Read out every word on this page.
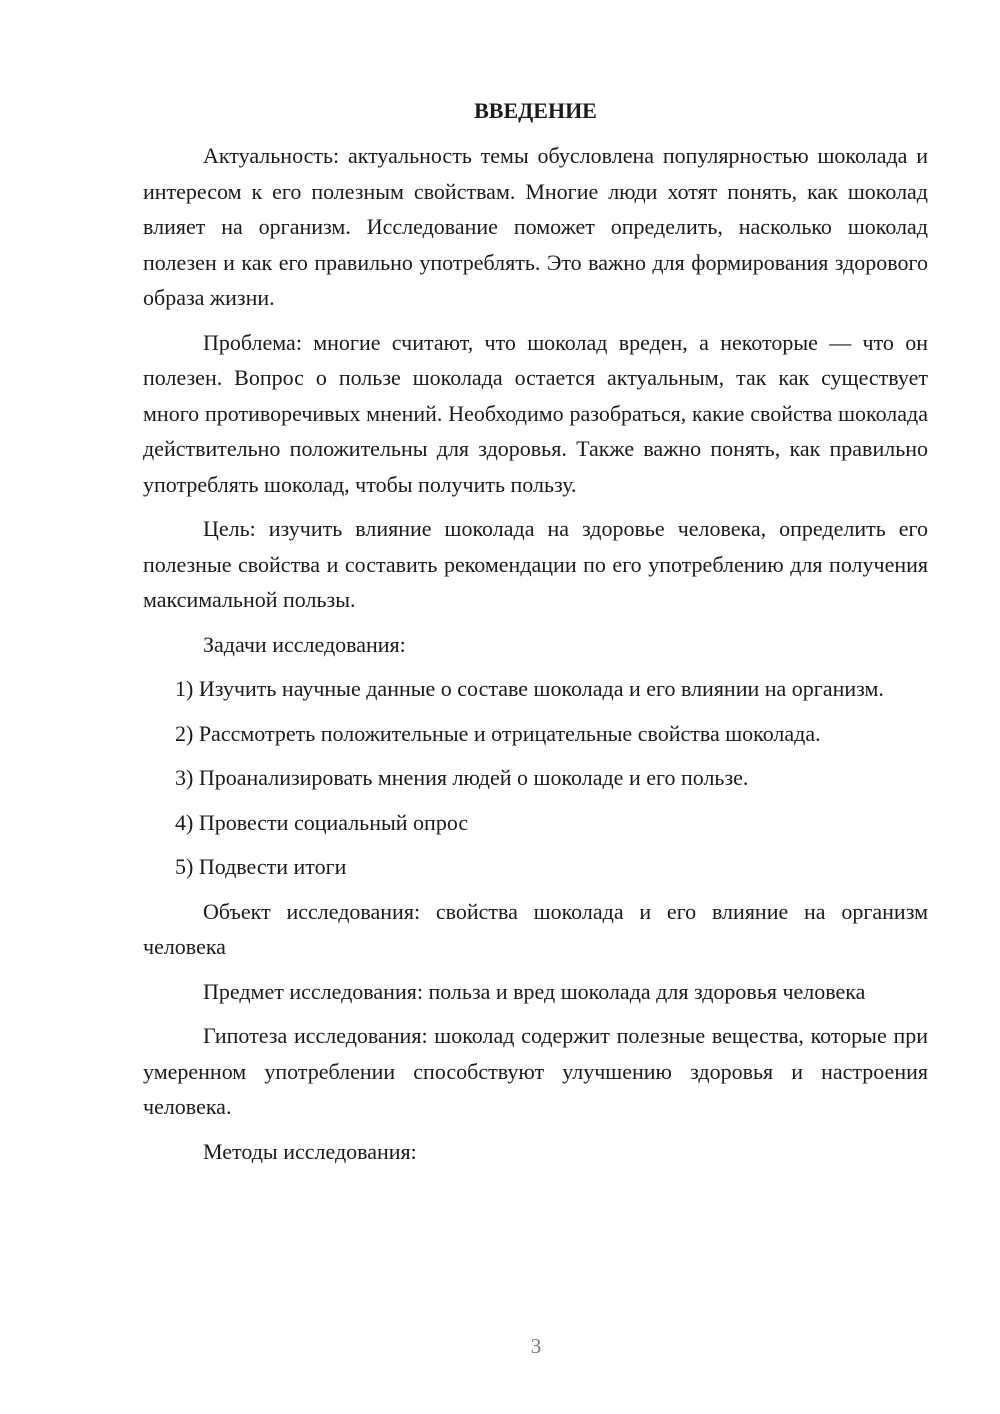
ВВЕДЕНИЕ

Актуальность: актуальность темы обусловлена популярностью шоколада и интересом к его полезным свойствам. Многие люди хотят понять, как шоколад влияет на организм. Исследование поможет определить, насколько шоколад полезен и как его правильно употреблять. Это важно для формирования здорового образа жизни.

Проблема: многие считают, что шоколад вреден, а некоторые — что он полезен. Вопрос о пользе шоколада остается актуальным, так как существует много противоречивых мнений. Необходимо разобраться, какие свойства шоколада действительно положительны для здоровья. Также важно понять, как правильно употреблять шоколад, чтобы получить пользу.

Цель: изучить влияние шоколада на здоровье человека, определить его полезные свойства и составить рекомендации по его употреблению для получения максимальной пользы.

Задачи исследования:

1) Изучить научные данные о составе шоколада и его влиянии на организм.

2) Рассмотреть положительные и отрицательные свойства шоколада.

3) Проанализировать мнения людей о шоколаде и его пользе.

4) Провести социальный опрос

5) Подвести итоги

Объект исследования: свойства шоколада и его влияние на организм человека

Предмет исследования: польза и вред шоколада для здоровья человека

Гипотеза исследования: шоколад содержит полезные вещества, которые при умеренном употреблении способствуют улучшению здоровья и настроения человека.

Методы исследования:

3
